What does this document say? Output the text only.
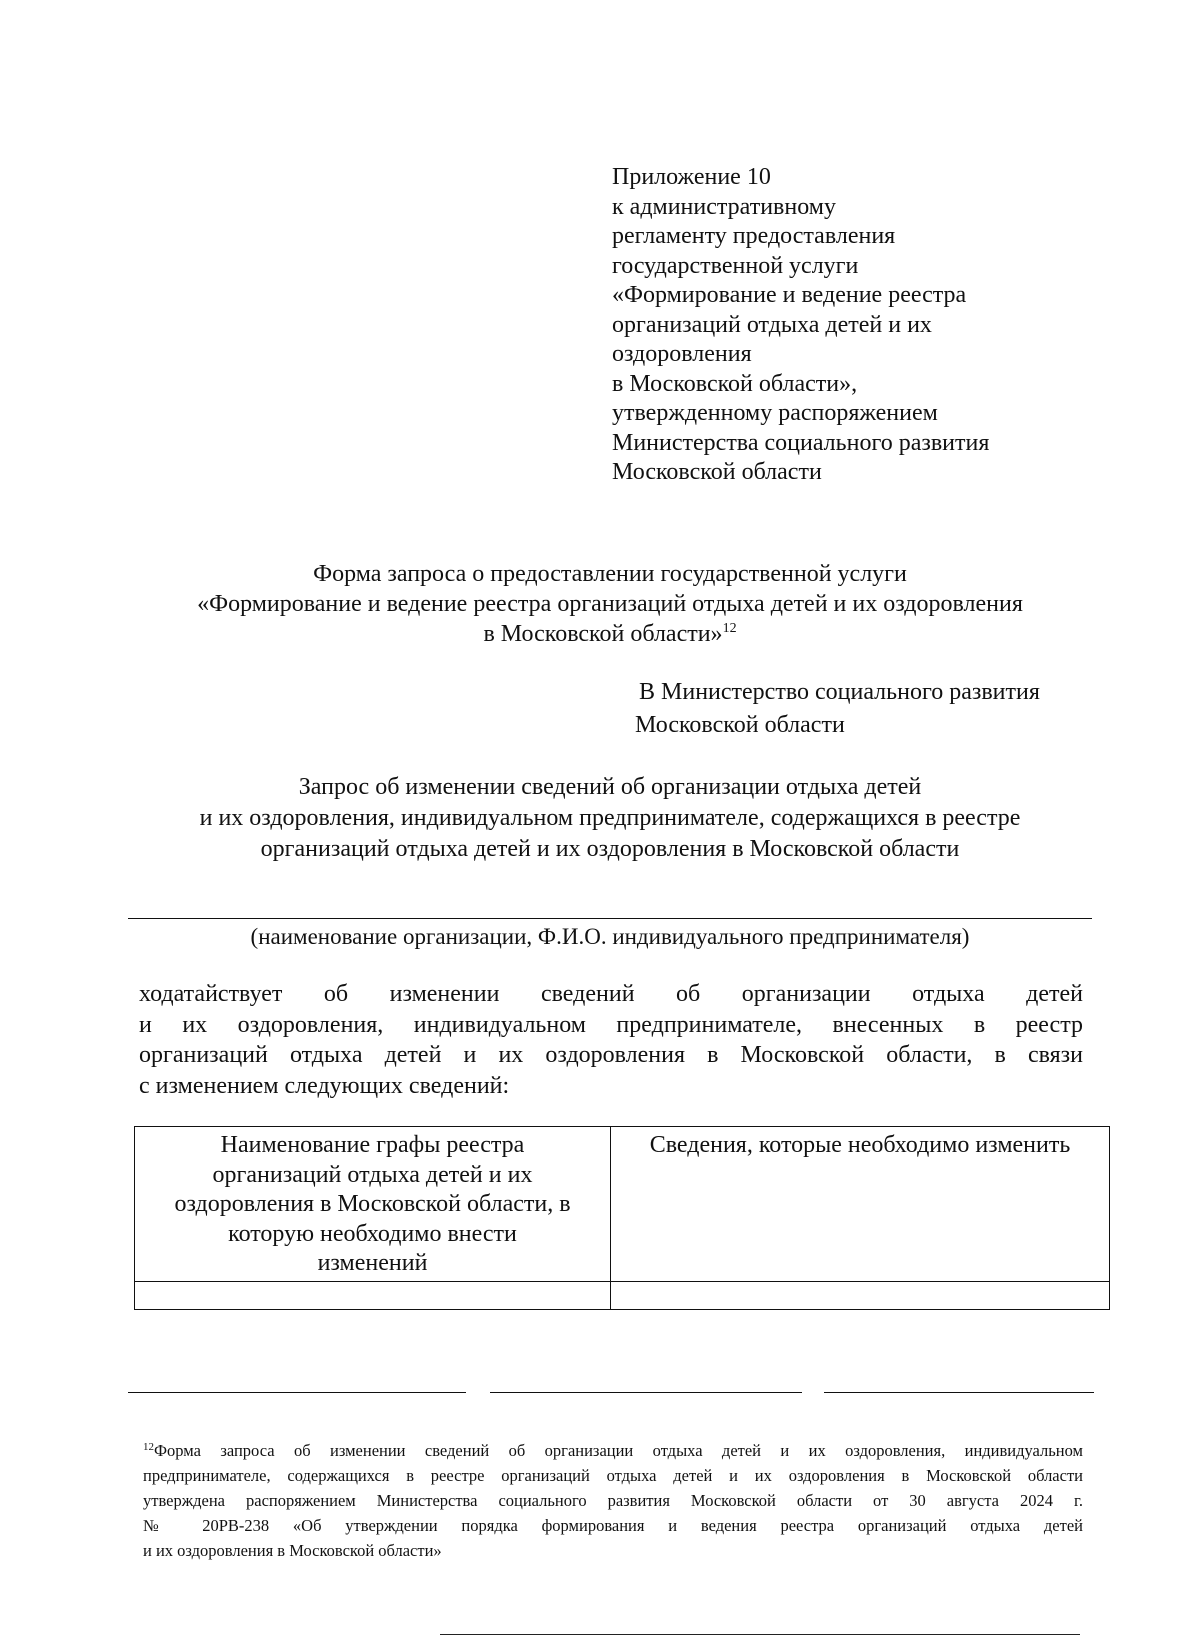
Приложение 10
к административному
регламенту предоставления
государственной услуги
«Формирование и ведение реестра
организаций отдыха детей и их
оздоровления
в Московской области»,
утвержденному распоряжением
Министерства социального развития
Московской области
Форма запроса о предоставлении государственной услуги
«Формирование и ведение реестра организаций отдыха детей и их оздоровления
в Московской области»$^{12}$
В Министерство социального развития
Московской области
Запрос об изменении сведений об организации отдыха детей
и их оздоровления, индивидуальном предпринимателе, содержащихся в реестре
организаций отдыха детей и их оздоровления в Московской области
(наименование организации, Ф.И.О. индивидуального предпринимателя)
ходатайствует об изменении сведений об организации отдыха детей
и их оздоровления, индивидуальном предпринимателе, внесенных в реестр
организаций отдыха детей и их оздоровления в Московской области, в связи
с изменением следующих сведений:
Наименование графы реестра
организаций отдыха детей и их
оздоровления в Московской области, в
которую необходимо внести
изменений	Сведения, которые необходимо изменить

$^{12}$Форма запроса об изменении сведений об организации отдыха детей и их оздоровления, индивидуальном
предпринимателе, содержащихся в реестре организаций отдыха детей и их оздоровления в Московской области
утверждена распоряжением Министерства социального развития Московской области от 30 августа 2024 г.
№ 20РВ-238 «Об утверждении порядка формирования и ведения реестра организаций отдыха детей
и их оздоровления в Московской области»
